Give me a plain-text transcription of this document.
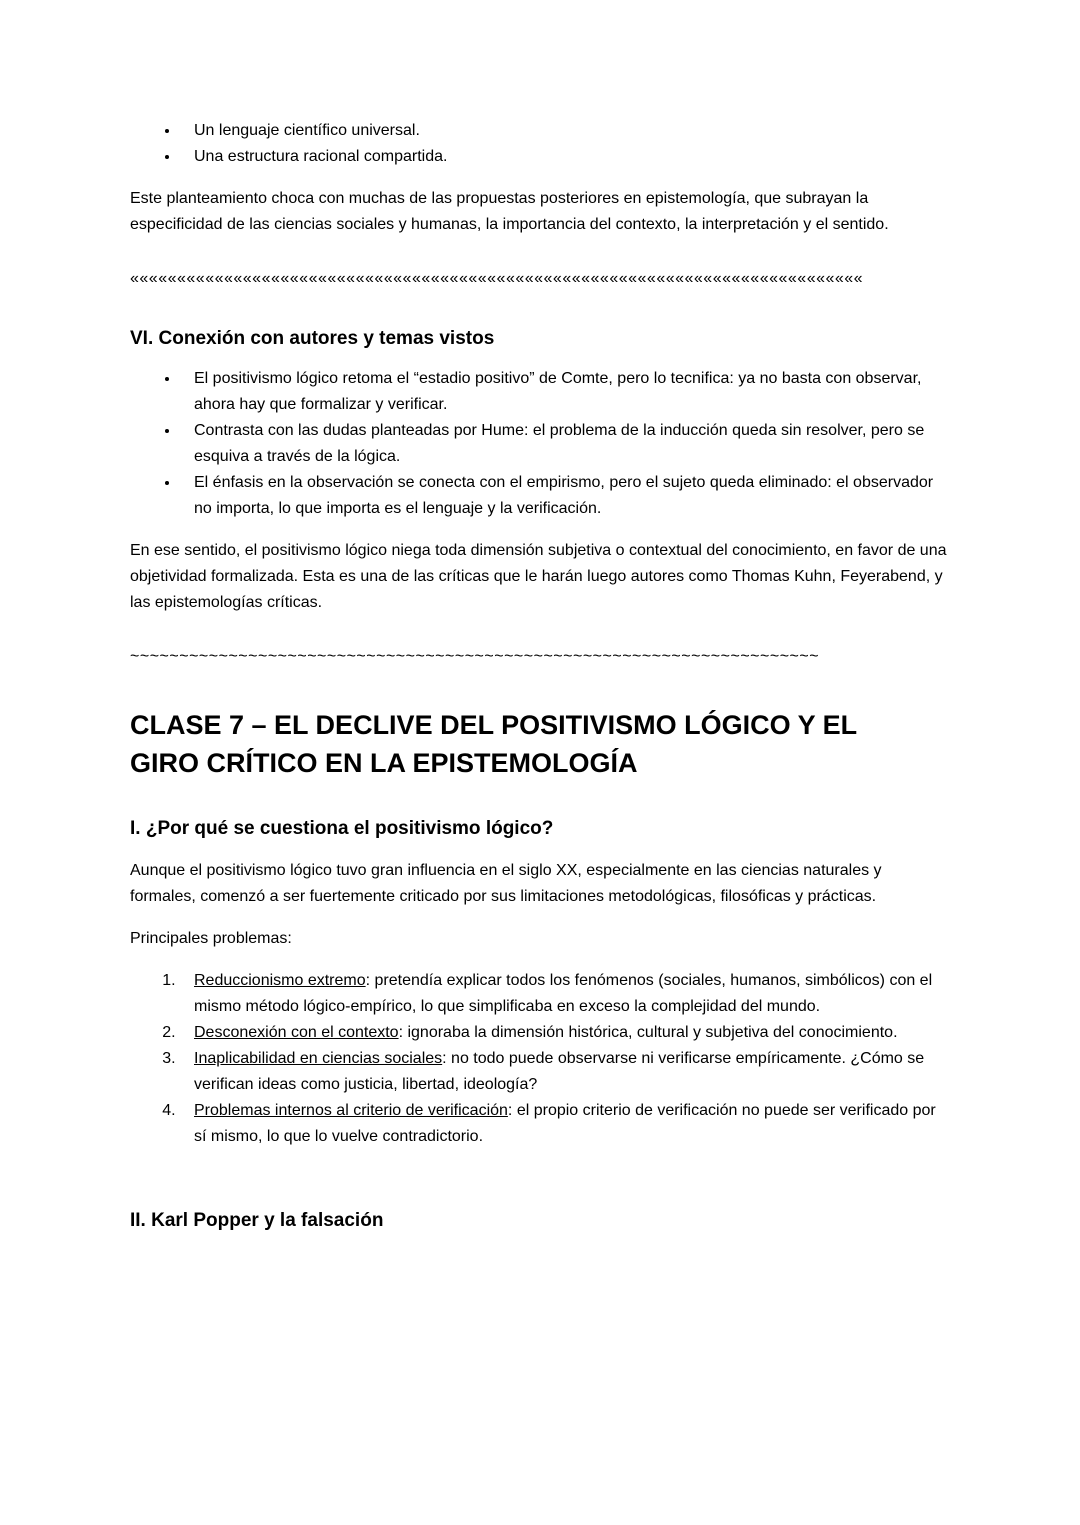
• Un lenguaje científico universal.
• Una estructura racional compartida.

Este planteamiento choca con muchas de las propuestas posteriores en epistemología, que subrayan la especificidad de las ciencias sociales y humanas, la importancia del contexto, la interpretación y el sentido.

««««««««««««««««««««««««««««««««««««««««««««««««««««««««««««««««««««««««««««««

VI. Conexión con autores y temas vistos
• El positivismo lógico retoma el “estadio positivo” de Comte, pero lo tecnifica: ya no basta con observar, ahora hay que formalizar y verificar.
• Contrasta con las dudas planteadas por Hume: el problema de la inducción queda sin resolver, pero se esquiva a través de la lógica.
• El énfasis en la observación se conecta con el empirismo, pero el sujeto queda eliminado: el observador no importa, lo que importa es el lenguaje y la verificación.

En ese sentido, el positivismo lógico niega toda dimensión subjetiva o contextual del conocimiento, en favor de una objetividad formalizada. Esta es una de las críticas que le harán luego autores como Thomas Kuhn, Feyerabend, y las epistemologías críticas.

~~~~~~~~~~~~~~~~~~~~~~~~~~~~~~~~~~~~~~~~~~~~~~~~~~~~~~~~~~~~~~~~~~~~~~

CLASE 7 – EL DECLIVE DEL POSITIVISMO LÓGICO Y EL GIRO CRÍTICO EN LA EPISTEMOLOGÍA
I. ¿Por qué se cuestiona el positivismo lógico?

Aunque el positivismo lógico tuvo gran influencia en el siglo XX, especialmente en las ciencias naturales y formales, comenzó a ser fuertemente criticado por sus limitaciones metodológicas, filosóficas y prácticas.

Principales problemas:

1. Reduccionismo extremo: pretendía explicar todos los fenómenos (sociales, humanos, simbólicos) con el mismo método lógico-empírico, lo que simplificaba en exceso la complejidad del mundo.
2. Desconexión con el contexto: ignoraba la dimensión histórica, cultural y subjetiva del conocimiento.
3. Inaplicabilidad en ciencias sociales: no todo puede observarse ni verificarse empíricamente. ¿Cómo se verifican ideas como justicia, libertad, ideología?
4. Problemas internos al criterio de verificación: el propio criterio de verificación no puede ser verificado por sí mismo, lo que lo vuelve contradictorio.
II. Karl Popper y la falsación
